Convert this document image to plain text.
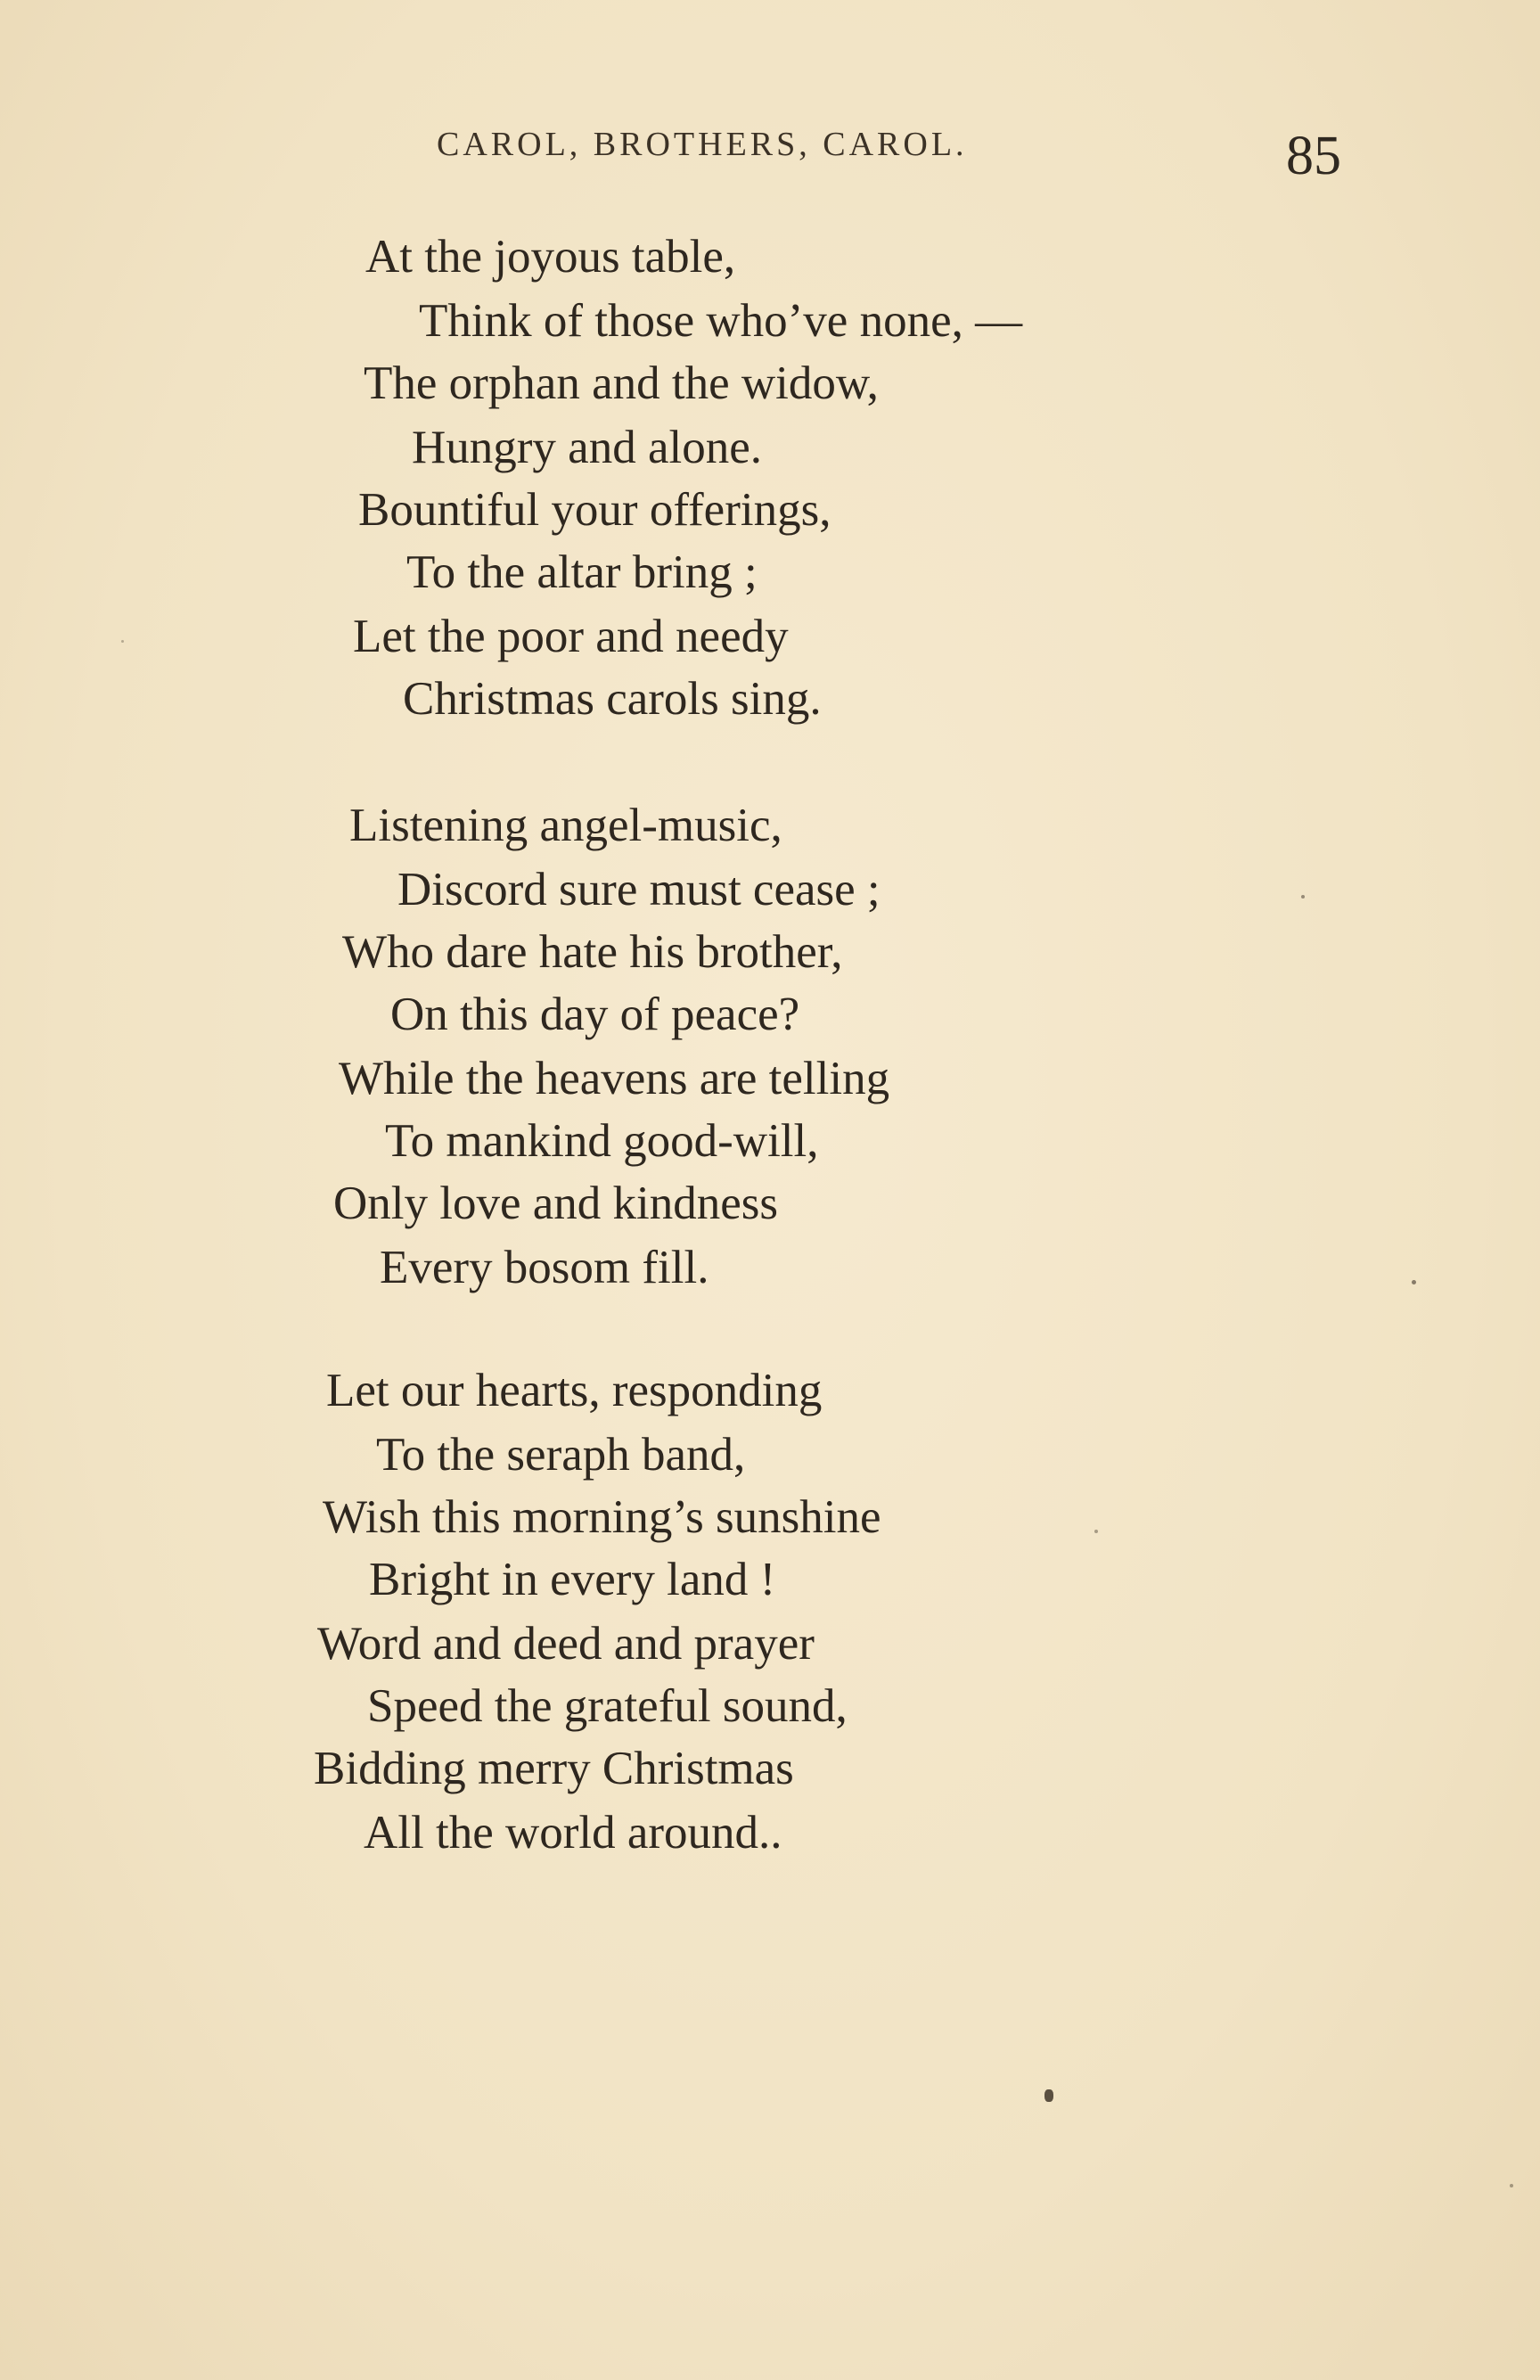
CAROL, BROTHERS, CAROL.	85
At the joyous table,
Think of those who’ve none, —
The orphan and the widow,
Hungry and alone.
Bountiful your offerings,
To the altar bring ;
Let the poor and needy
Christmas carols sing.
Listening angel-music,
Discord sure must cease ;
Who dare hate his brother,
On this day of peace?
While the heavens are telling
To mankind good-will,
Only love and kindness
Every bosom fill.
Let our hearts, responding
To the seraph band,
Wish this morning’s sunshine
Bright in every land !
Word and deed and prayer
Speed the grateful sound,
Bidding merry Christmas
All the world around..
